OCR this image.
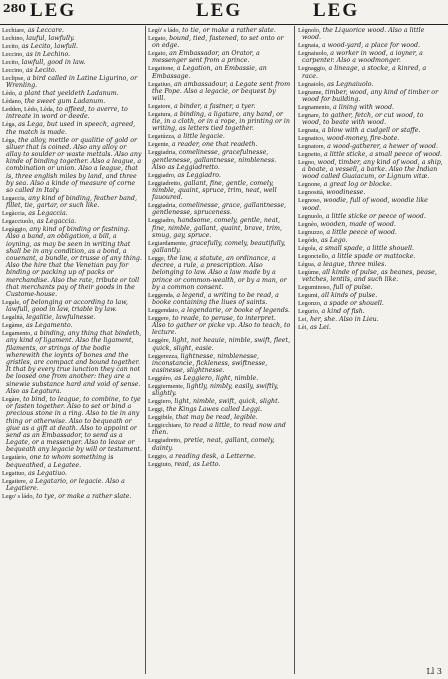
280 LEG	LEG	LEG
Lechiare, as Leccare.
Lechino, lauful, lawfully.
Lecito, as Lecito, lawfull.
Leccino, as in Lechino.
Lecito, lawfull, good in law.
Leccino, as Lecito.
Leclipse, a bird called in Latine Ligurino, or Wrenling.
Lèdo, a plant that yeeldeth Ladanum.
Lèdano, the sweet gum Ladanum.
Ledden, Lèdo, Lèda, to affeed, to averre, to intreate in word or deede.
Lèga, as Lega, but used in speech, agreed, the match is made.
Lèga, the alloy, mettle or qualitie of gold or siluer that is coined. Also any alloy or allay to soulder or waste mettals. Also any kinde of binding together. Also a league, a combination or union. Also a league, that is, three english miles by land, and three by sea. Also a kinde of measure of corne so called in Italy.
Legaccia, any kind of binding, feather band, fillet, tie, gartar, or such like.
Legàccia, as Legaccia.
Legacciuolo, as Legaccia.
Legàggio, any kind of binding or fastning. Also a band, an obligation, a bill, a ioyning, as may be seen in writing that shall be in any condition, as a bond, a couenant, a bundle, or trusse of any thing. Also the hire that the Venetian pay for binding or packing up of packs or merchandise. Also the rate, tribute or toll that merchants pay of their goods in the Custome-house.
Legale, of belonging or according to law, lawfull, good in law, triable by law.
Legalità, legalitie, lawfulnesse.
Legàme, as Legamento.
Legamento, a binding, any thing that bindeth, any kind of ligament. Also the ligament, filaments, or strings of the bodie wherewith the ioynts of bones and the gristles, are compact and bound together. It that by every true iunction they can not be loosed one from another: they are a sinewie substance hard and void of sense. Also as Legatura.
Legàre, to bind, to league, to combine, to tye or fasten together. Also to set or bind a precious stone in a ring. Also to tie in any thing or otherwise. Also to bequeath or giue as a gift at death. Also to appoint or send as an Embassador, to send as a Legate, or a messenger. Also to leaue or bequeath any legacie by will or testament.
Legatàrio, one to whom something is bequeathed, a Legatee.
Legatiuo, as Legatiuo.
Legatiere, a Legatario, or legacie. Also a Legatiere.
Lego' s ládo, to tye, or make a rather slate.
Legò' s ládo, to tie, or make a rather slate.
Legato, bound, tied, fastened, to set onto or on edge.
Legato, an Embassador, an Orator, a messenger sent from a prince.
Legatione, a Legation, an Embassie, an Embassage.
Legatiuo, an ambassadour, a Legate sent from the Pope. Also a legacie, or bequest by will.
Legatore, a binder, a fastner, a tyer.
Legatura, a binding, a ligature, any band, or tie, in a cloth, or in a rope, in printing or in writing, as letters tied together.
Legatúzza, a little legacie.
Legente, a reader, one that readeth.
Leggiadria, comelinesse, gracefulnesse, gentlenesse, gallantnesse, nimbleness. Also as Leggiadretto.
Leggiadro, as Leggiadro.
Leggiadretto, gallant, fine, gentle, comely, nimble, quaint, spruce, trim, neat, well fauoured.
Leggiadria, comelinesse, grace, gallantnesse, gentlenesse, spruceness.
Leggiadro, handsome, comely, gentle, neat, fine, nimble, gallant, quaint, brave, trim, smug, gay, spruce.
Legiardamente, gracefully, comely, beautifully, gallantly.
Legge, the law, a statute, an ordinance, a decree, a rule, a prescription. Also belonging to law. Also a law made by a prince or common-wealth, or by a man, or by a common consent.
Leggenda, a legend, a writing to be read, a booke containing the liues of saints.
Leggendaio, a legendarie, or booke of legends.
Leggere, to reade, to peruse, to interpret. Also to gather or picke vp. Also to teach, to lecture.
Leggère, light, not heauie, nimble, swift, fleet, quick, slight, easie.
Leggerezza, lightnesse, nimblenesse, inconstancie, fickleness, swiftnesse, easinesse, slightnesse.
Leggiéro, as Leggiero, light, nimble.
Leggiermente, lightly, nimbly, easily, swiftly, slightly.
Leggiero, light, nimble, swift, quick, slight.
Leggi, the Kings Lawes called Leggi.
Leggibile, that may be read, legible.
Leggicchiare, to read a little, to read now and then.
Leggiadretto, pretie, neat, gallant, comely, dainty.
Leggio, a reading desk, a Letterne.
Leggiuto, read, as Letto.
Lègnolo, the Liquorice wood. Also a little wood.
Legnaia, a wood-yard, a place for wood.
Legnaiuolo, a worker in wood, a ioyner, a carpenter. Also a woodmonger.
Legnaggio, a lineage, a stocke, a kinred, a race.
Legnaiolo, as Legnaiuolo.
Legname, timber, wood, any kind of timber or wood for building.
Legnamento, a lining with wood.
Legnare, to gather, fetch, or cut wood, to wood, to beate with wood.
Legnata, a blow with a cudgell or staffe.
Legnatico, wood-money, fire-bote.
Legnatore, a wood-gatherer, a hewer of wood.
Legnetto, a little sticke, a small peece of wood.
Legno, wood, timber, any kind of wood, a ship, a boate, a vessell, a barke. Also the Indian wood called Guaiacum, or Lignum vitæ.
Legnone, a great log or blocke.
Legnosità, woodinesse.
Legnoso, woodie, full of wood, woodie like wood.
Legnuolo, a little sticke or peece of wood.
Legnèo, wooden, made of wood.
Legnuzzo, a little peece of wood.
Legódo, as Lego.
Lègola, a small spade, a little shouell.
Legonciello, a little spade or mattocke.
Lègua, a league, three miles.
Legùme, all kinde of pulse, as beanes, pease, vetches, lentils, and such like.
Leguminoso, full of pulse.
Legumi, all kinds of pulse.
Legonzo, a spade or shouell.
Legurio, a kind of fish.
Lei, her, she. Also in Lieu.
Lèi, as Lei.
Ll 3
